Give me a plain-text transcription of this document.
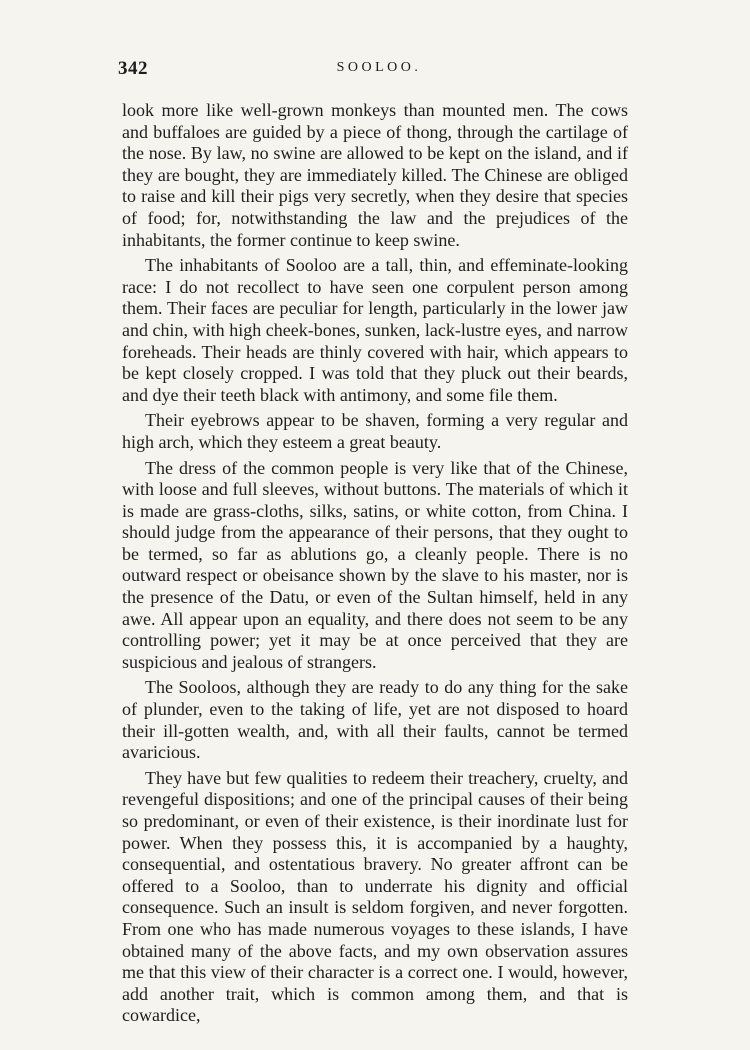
342	SOOLOO.

look more like well-grown monkeys than mounted men. The cows and buffaloes are guided by a piece of thong, through the cartilage of the nose. By law, no swine are allowed to be kept on the island, and if they are bought, they are immediately killed. The Chinese are obliged to raise and kill their pigs very secretly, when they desire that species of food; for, notwithstanding the law and the prejudices of the inhabitants, the former continue to keep swine.

The inhabitants of Sooloo are a tall, thin, and effeminate-looking race: I do not recollect to have seen one corpulent person among them. Their faces are peculiar for length, particularly in the lower jaw and chin, with high cheek-bones, sunken, lack-lustre eyes, and narrow foreheads. Their heads are thinly covered with hair, which appears to be kept closely cropped. I was told that they pluck out their beards, and dye their teeth black with antimony, and some file them.

Their eyebrows appear to be shaven, forming a very regular and high arch, which they esteem a great beauty.

The dress of the common people is very like that of the Chinese, with loose and full sleeves, without buttons. The materials of which it is made are grass-cloths, silks, satins, or white cotton, from China. I should judge from the appearance of their persons, that they ought to be termed, so far as ablutions go, a cleanly people. There is no outward respect or obeisance shown by the slave to his master, nor is the presence of the Datu, or even of the Sultan himself, held in any awe. All appear upon an equality, and there does not seem to be any controlling power; yet it may be at once perceived that they are suspicious and jealous of strangers.

The Sooloos, although they are ready to do any thing for the sake of plunder, even to the taking of life, yet are not disposed to hoard their ill-gotten wealth, and, with all their faults, cannot be termed avaricious.

They have but few qualities to redeem their treachery, cruelty, and revengeful dispositions; and one of the principal causes of their being so predominant, or even of their existence, is their inordinate lust for power. When they possess this, it is accompanied by a haughty, consequential, and ostentatious bravery. No greater affront can be offered to a Sooloo, than to underrate his dignity and official consequence. Such an insult is seldom forgiven, and never forgotten. From one who has made numerous voyages to these islands, I have obtained many of the above facts, and my own observation assures me that this view of their character is a correct one. I would, however, add another trait, which is common among them, and that is cowardice,
